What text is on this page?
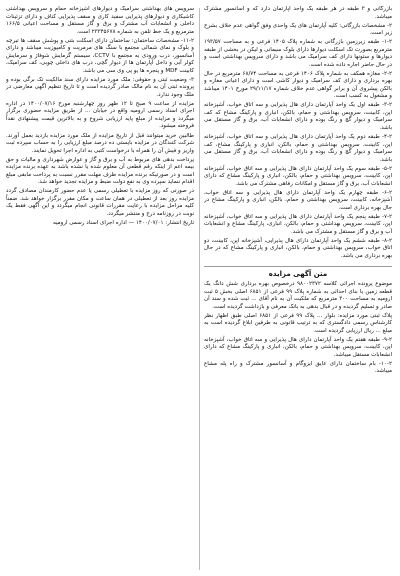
بازرگانی و ۳ طبقه در هر طبقه یک واحد آپارتمان دارد که و آسانسور مشترک میباشد.

۲- مشخصات بازرگانی: کلیه آپارتمان های یک واحدی وفق گواهی عدم خلاف بشرح زیر است.

۱-۲- طبقه زیرزمین بازرگانی به شماره پلاک ۱۴۰۵ فرعی و به مساحت ۱۹۳/۵۷ مترمربع بصورت تک اسکلت دیوارها دارای بلوک سیمانی و لیکن در بخشی از طبقه دیوارها و ستونها دارای کف سرامیک می باشد و دارای سرویس بهداشتی است و در حال حاضر اجاره داده شده است.

۲-۲- مغازه همکف به شماره پلاک ۱۴۰۶ فرعی به مساحت ۶۸/۷۴ مترمربع در حال بهره برداری و دارای کف سرامیک و دیوار کاشی است و دارای اعیانی مغازه و بالکن پیشروی آن و برابر گواهی عدم خلاف شماره ۲۹/۱۱/۱۷ مورخ ۱۴۰۱ میباشد و مشغول به کسب است.

۳-۲- طبقه اول یک واحد آپارتمان دارای هال پذیرایی و سه اتاق خواب، آشپزخانه اپن، کابینت، سرویس بهداشتی و حمام، بالکن، انباری و پارکینگ مشاع که کف سرامیک و دیوار گچ و رنگ بوده و دارای انشعابات آب، برق و گاز مستقل می باشد.

۴-۲- طبقه دوم یک واحد آپارتمان دارای هال پذیرایی و سه اتاق خواب، آشپزخانه اپن، کابینت، سرویس بهداشتی و حمام، بالکن، انباری و پارکینگ مشاع، کف سرامیک و دیوار گچ و رنگ بوده و دارای انشعابات آب، برق و گاز مستقل می باشد.

۵-۲- طبقه سوم یک واحد آپارتمان دارای هال پذیرایی و سه اتاق خواب، آشپزخانه اپن، کابینت، سرویس بهداشتی و حمام، بالکن، انباری و پارکینگ مشاع که دارای انشعابات آب، برق و گاز مستقل و امکانات رفاهی مشترک می باشد.

۶-۲- طبقه چهارم یک واحد آپارتمان دارای هال پذیرایی و سه اتاق خواب، آشپزخانه، کابینت، سرویس بهداشتی و حمام، بالکن، انباری و پارکینگ مشاع در حال بهره برداری است.

۷-۲- طبقه پنجم یک واحد آپارتمان دارای هال پذیرایی و سه اتاق خواب، آشپزخانه اپن، کابینت، سرویس بهداشتی و حمام، بالکن، انباری، پارکینگ مشاع و انشعابات آب و برق و گاز مستقل و مشترک می باشد.

۸-۲- طبقه ششم یک واحد آپارتمان دارای هال پذیرایی، آشپزخانه اپن، کابینت، دو اتاق خواب، سرویس بهداشتی و حمام، بالکن، انباری و پارکینگ مشاع که در حال بهره برداری می باشد.

متن آگهی مزایده

موضوع پرونده اجرائی کلاسه ۹۸۰۰۲۳۷۲ درخصوص بهره برداری شش دانگ یک قطعه زمین با بنای احداثی به شماره پلاک ۹۹ فرعی از ۶۸۵۱ اصلی بخش ۵ ثبت ارومیه به مساحت ۳۰۰ مترمربع که ملکیت آن به نام آقای ... ثبت شده و سند آن صادر و تسلیم گردیده و در قبال بدهی به بانک معرفی و بازداشت گردیده است.

پلاک ثبتی مورد مزایده: بلوار ... پلاک ۹۹ فرعی از ۶۸۵۱ اصلی طبق اظهار نظر کارشناس رسمی دادگستری که به ترتیب قانونی به طرفین ابلاغ گردیده است به مبلغ ... ریال ارزیابی گردیده است.

۹-۲- طبقه هفتم یک واحد آپارتمان دارای هال پذیرایی و سه اتاق خواب، آشپزخانه اپن، کابینت، سرویس بهداشتی و حمام، بالکن، انباری و پارکینگ مشاع که دارای انشعابات مستقل میباشد.

۱۰-۲- بام ساختمان دارای عایق ایزوگام و آسانسور مشترک و راه پله مشاع میباشد.

سرویس های بهداشتی سرامیک و دیوارهای آشپزخانه حمام و سرویس بهداشتی کاشیکاری و دیوارهای پذیرایی سفید کاری و سقف پذیرایی کناف و دارای تزئینات داخلی و انشعابات آب مشترک و برق و گاز مستقل و مساحت اعیانی ۱۶۶/۵ مترمربع و یک خط تلفن به شماره ۲۳۳۴۵۶۷۸ است.

۱۱-۲- مشخصات ساختمان: ساختمان دارای اسکلت بتنی و پوشش سقف ها تیرچه و بلوک و نمای شمالی مجتمع با سنگ های مرمریت و کامپوزیت میباشد و دارای آسانسور، درب ورودی به مجتمع با CCTV، سیستم گرمایش شوفاژ و سرمایش کولر آبی و داخل آپارتمان ها از دیوار گچی، درب های داخلی چوبی، کف سرامیک، کابینت MDF و پنجره ها یو پی وی سی می باشد.

۳- وضعیت ثبتی و حقوقی: ملک مورد مزایده دارای سند مالکیت تک برگی بوده و پرونده ثبتی آن به نام مالک صادر گردیده است و تا تاریخ تنظیم آگهی معارضی در ملک وجود ندارد.

مزایده از ساعت ۹ صبح تا ۱۲ ظهر روز چهارشنبه مورخ ۱۴۰۰/۰۷/۱۶ در اداره اجرای اسناد رسمی ارومیه واقع در خیابان ... از طریق مزایده حضوری برگزار میگردد و مزایده از مبلغ پایه ارزیابی شروع و به بالاترین قیمت پیشنهادی نقداً فروخته میشود.

طالبین خرید میتوانند قبل از تاریخ مزایده از ملک مورد مزایده بازدید بعمل آورند. شرکت کنندگان در مزایده بایستی ده درصد مبلغ ارزیابی را به حساب سپرده ثبت واریز و فیش آن را همراه با درخواست کتبی به اداره اجرا تحویل نمایند.

پرداخت بدهی های مربوط به آب و برق و گاز و عوارض شهرداری و مالیات و حق بیمه اعم از اینکه رقم قطعی آن معلوم شده یا نشده باشد به عهده برنده مزایده است و در صورتیکه برنده مزایده ظرف مهلت مقرر نسبت به پرداخت مابقی مبلغ اقدام ننماید سپرده وی به نفع دولت ضبط و مزایده تجدید خواهد شد.

در صورتی که روز مزایده با تعطیلی رسمی یا عدم حضور کارمندان مصادف گردد مزایده روز بعد از تعطیلی در همان ساعت و مکان مقرر برگزار خواهد شد. ضمناً کلیه مراحل مزایده با رعایت مقررات قانونی انجام میگردد و این آگهی فقط یک نوبت در روزنامه درج و منتشر میگردد.

تاریخ انتشار: ۱۴۰۰/۰۷/۰۱ — اداره اجرای اسناد رسمی ارومیه
